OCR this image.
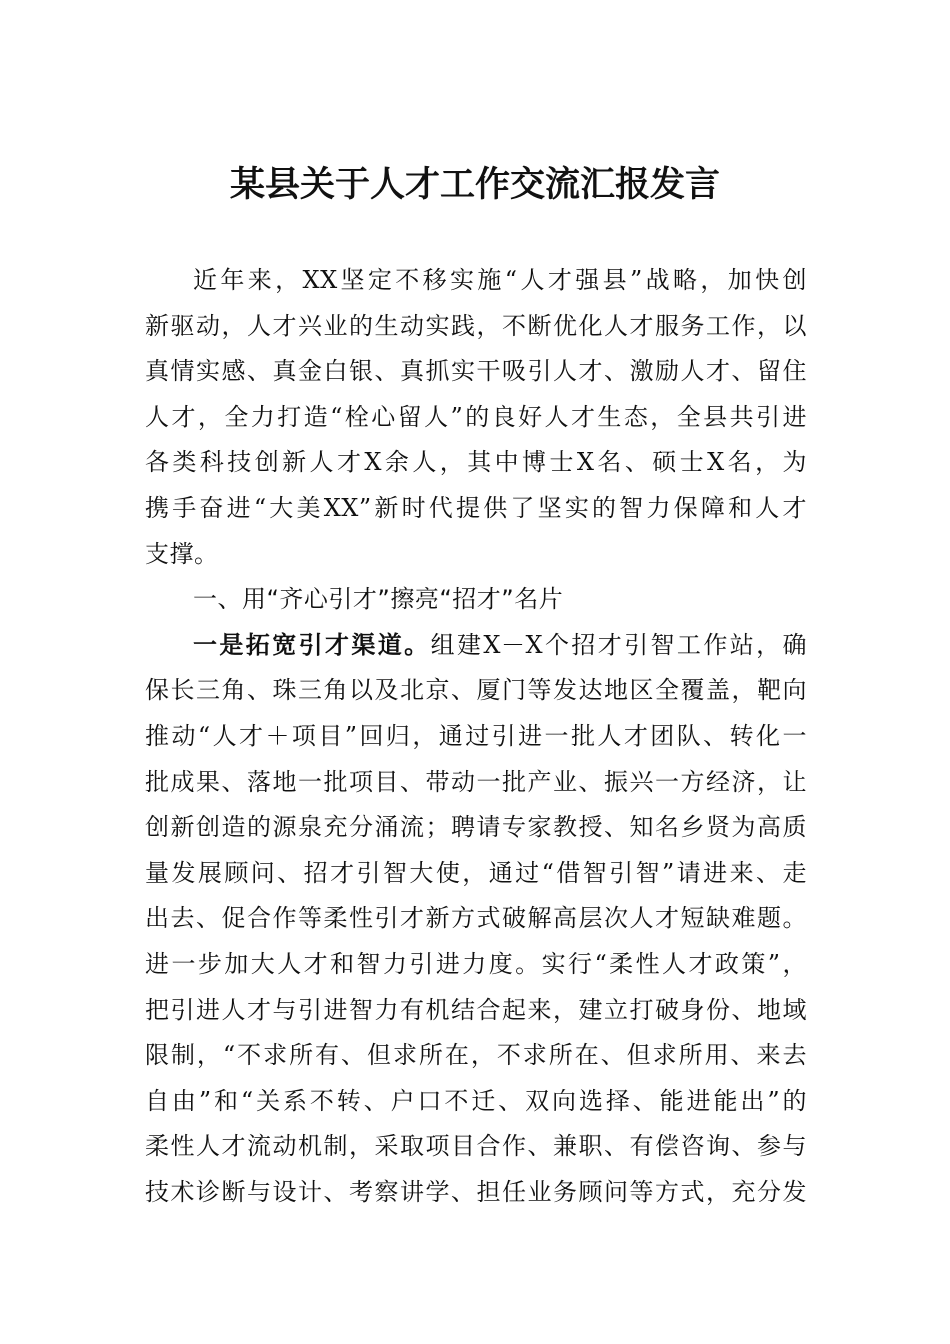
某县关于人才工作交流汇报发言
近年来，XX坚定不移实施“人才强县”战略，加快创
新驱动，人才兴业的生动实践，不断优化人才服务工作，以
真情实感、真金白银、真抓实干吸引人才、激励人才、留住
人才，全力打造“栓心留人”的良好人才生态，全县共引进
各类科技创新人才X余人，其中博士X名、硕士X名，为
携手奋进“大美XX”新时代提供了坚实的智力保障和人才
支撑。
一、用“齐心引才”擦亮“招才”名片
一是拓宽引才渠道。组建X－X个招才引智工作站，确
保长三角、珠三角以及北京、厦门等发达地区全覆盖，靶向
推动“人才＋项目”回归，通过引进一批人才团队、转化一
批成果、落地一批项目、带动一批产业、振兴一方经济，让
创新创造的源泉充分涌流；聘请专家教授、知名乡贤为高质
量发展顾问、招才引智大使，通过“借智引智”请进来、走
出去、促合作等柔性引才新方式破解高层次人才短缺难题。
进一步加大人才和智力引进力度。实行“柔性人才政策”，
把引进人才与引进智力有机结合起来，建立打破身份、地域
限制，“不求所有、但求所在，不求所在、但求所用、来去
自由”和“关系不转、户口不迁、双向选择、能进能出”的
柔性人才流动机制，采取项目合作、兼职、有偿咨询、参与
技术诊断与设计、考察讲学、担任业务顾问等方式，充分发
